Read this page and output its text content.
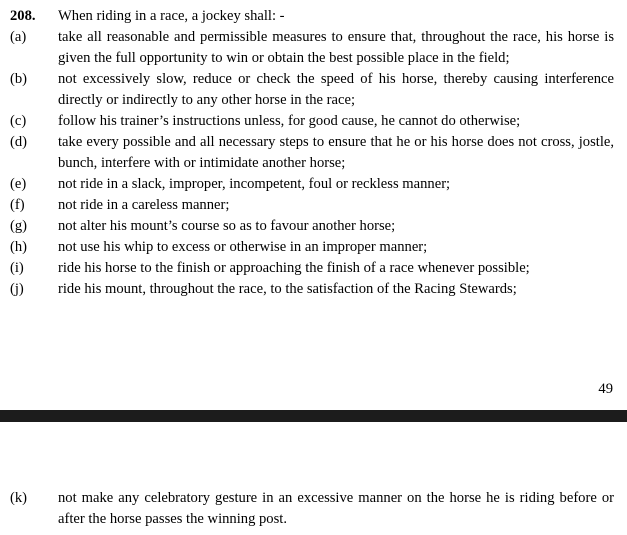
208. When riding in a race, a jockey shall: -
(a) take all reasonable and permissible measures to ensure that, throughout the race, his horse is given the full opportunity to win or obtain the best possible place in the field;
(b) not excessively slow, reduce or check the speed of his horse, thereby causing interference directly or indirectly to any other horse in the race;
(c) follow his trainer’s instructions unless, for good cause, he cannot do otherwise;
(d) take every possible and all necessary steps to ensure that he or his horse does not cross, jostle, bunch, interfere with or intimidate another horse;
(e) not ride in a slack, improper, incompetent, foul or reckless manner;
(f) not ride in a careless manner;
(g) not alter his mount’s course so as to favour another horse;
(h) not use his whip to excess or otherwise in an improper manner;
(i) ride his horse to the finish or approaching the finish of a race whenever possible;
(j) ride his mount, throughout the race, to the satisfaction of the Racing Stewards;
49
(k) not make any celebratory gesture in an excessive manner on the horse he is riding before or after the horse passes the winning post.
